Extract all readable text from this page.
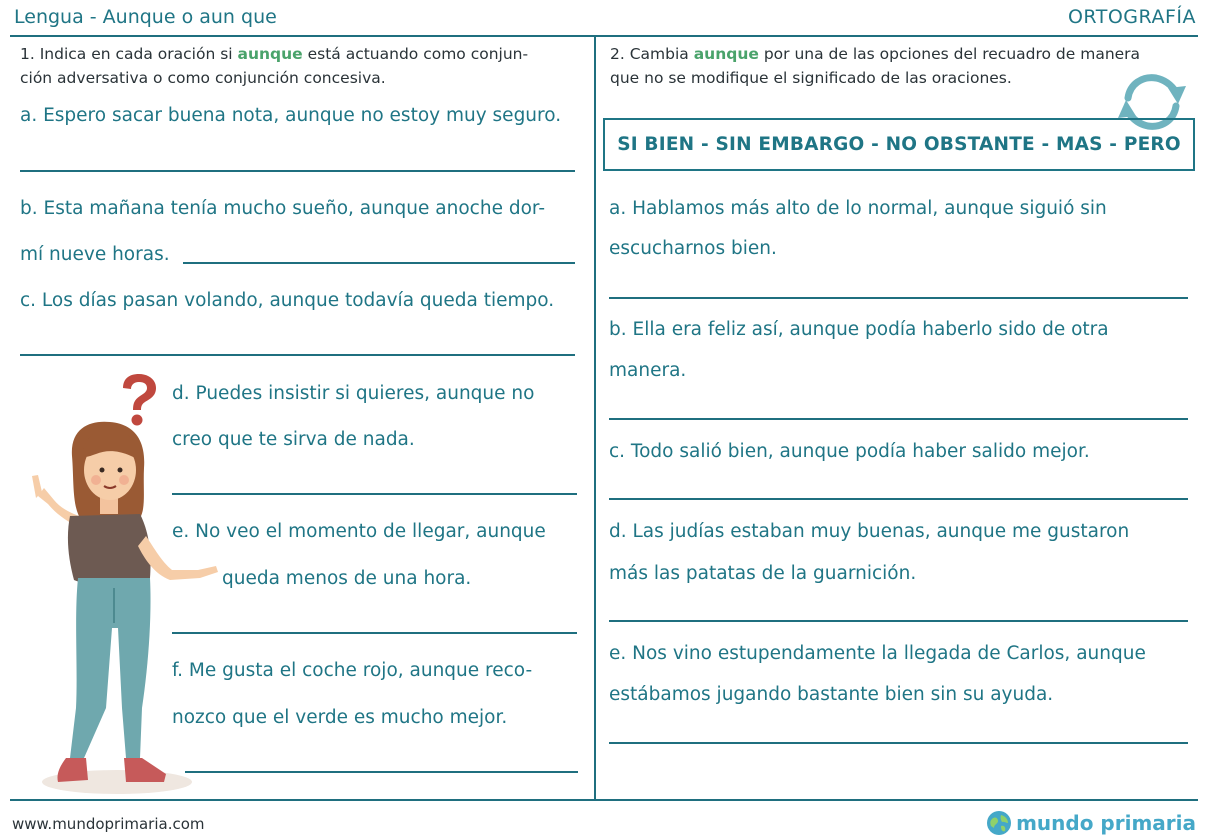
Lengua - Aunque o aun que	ORTOGRAFÍA
1. Indica en cada oración si aunque está actuando como conjun-
ción adversativa o como conjunción concesiva.
a. Espero sacar buena nota, aunque no estoy muy seguro.
b. Esta mañana tenía mucho sueño, aunque anoche dor-
mí nueve horas.
c. Los días pasan volando, aunque todavía queda tiempo.
d. Puedes insistir si quieres, aunque no
creo que te sirva de nada.
e. No veo el momento de llegar, aunque
queda menos de una hora.
f. Me gusta el coche rojo, aunque reco-
nozco que el verde es mucho mejor.
2. Cambia aunque por una de las opciones del recuadro de manera
que no se modifique el significado de las oraciones.
SI BIEN - SIN EMBARGO - NO OBSTANTE - MAS - PERO
a. Hablamos más alto de lo normal, aunque siguió sin
escucharnos bien.
b. Ella era feliz así, aunque podía haberlo sido de otra
manera.
c. Todo salió bien, aunque podía haber salido mejor.
d. Las judías estaban muy buenas, aunque me gustaron
más las patatas de la guarnición.
e. Nos vino estupendamente la llegada de Carlos, aunque
estábamos jugando bastante bien sin su ayuda.
www.mundoprimaria.com	mundo primaria
